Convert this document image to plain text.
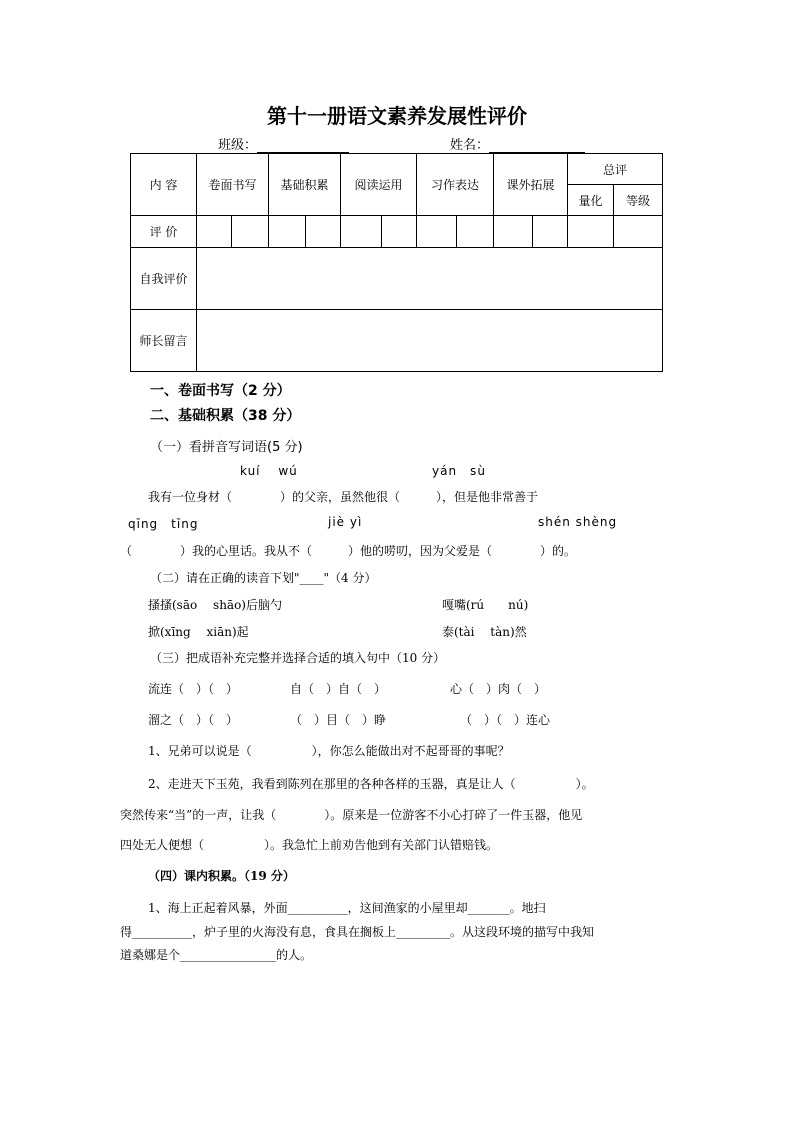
第十一册语文素养发展性评价
班级：	姓名：
内 容	卷面书写		基础积累		阅读运用		习作表达		课外拓展		总评	
											量化	等级
评 价												
自我评价												
师长留言												
一、卷面书写（2 分）
二、基础积累（38 分）
（一）看拼音写词语(5 分)
kuí　 wú	yán　sù
我有一位身材（　　　　）的父亲，虽然他很（　　　），但是他非常善于
qīng　tīng	jiè yì	shén shèng
（　　　　）我的心里话。我从不（　　　）他的唠叨，因为父爱是（　　　　）的。
（二）请在正确的读音下划"____"（4 分）
搔搔(sāo　 shāo)后脑勺	嘎嘴(rú　　nú)
掀(xīng　 xiān)起	泰(tài　 tàn)然
（三）把成语补充完整并选择合适的填入句中（10 分）
流连（　）（　）	自（　）自（　）	心（　）肉（　）
溜之（　）（　）	（　）目（　）睁	（　）（　）连心
1、兄弟可以说是（　　　　　），你怎么能做出对不起哥哥的事呢？
2、走进天下玉苑，我看到陈列在那里的各种各样的玉器，真是让人（　　　　　）。
突然传来“当”的一声，让我（　　　　）。原来是一位游客不小心打碎了一件玉器，他见
四处无人便想（　　　　　）。我急忙上前劝告他到有关部门认错赔钱。
（四）课内积累。（19 分）
1、海上正起着风暴，外面__________，这间渔家的小屋里却_______。地扫
得__________，炉子里的火海没有息，食具在搁板上_________。从这段环境的描写中我知
道桑娜是个________________的人。
